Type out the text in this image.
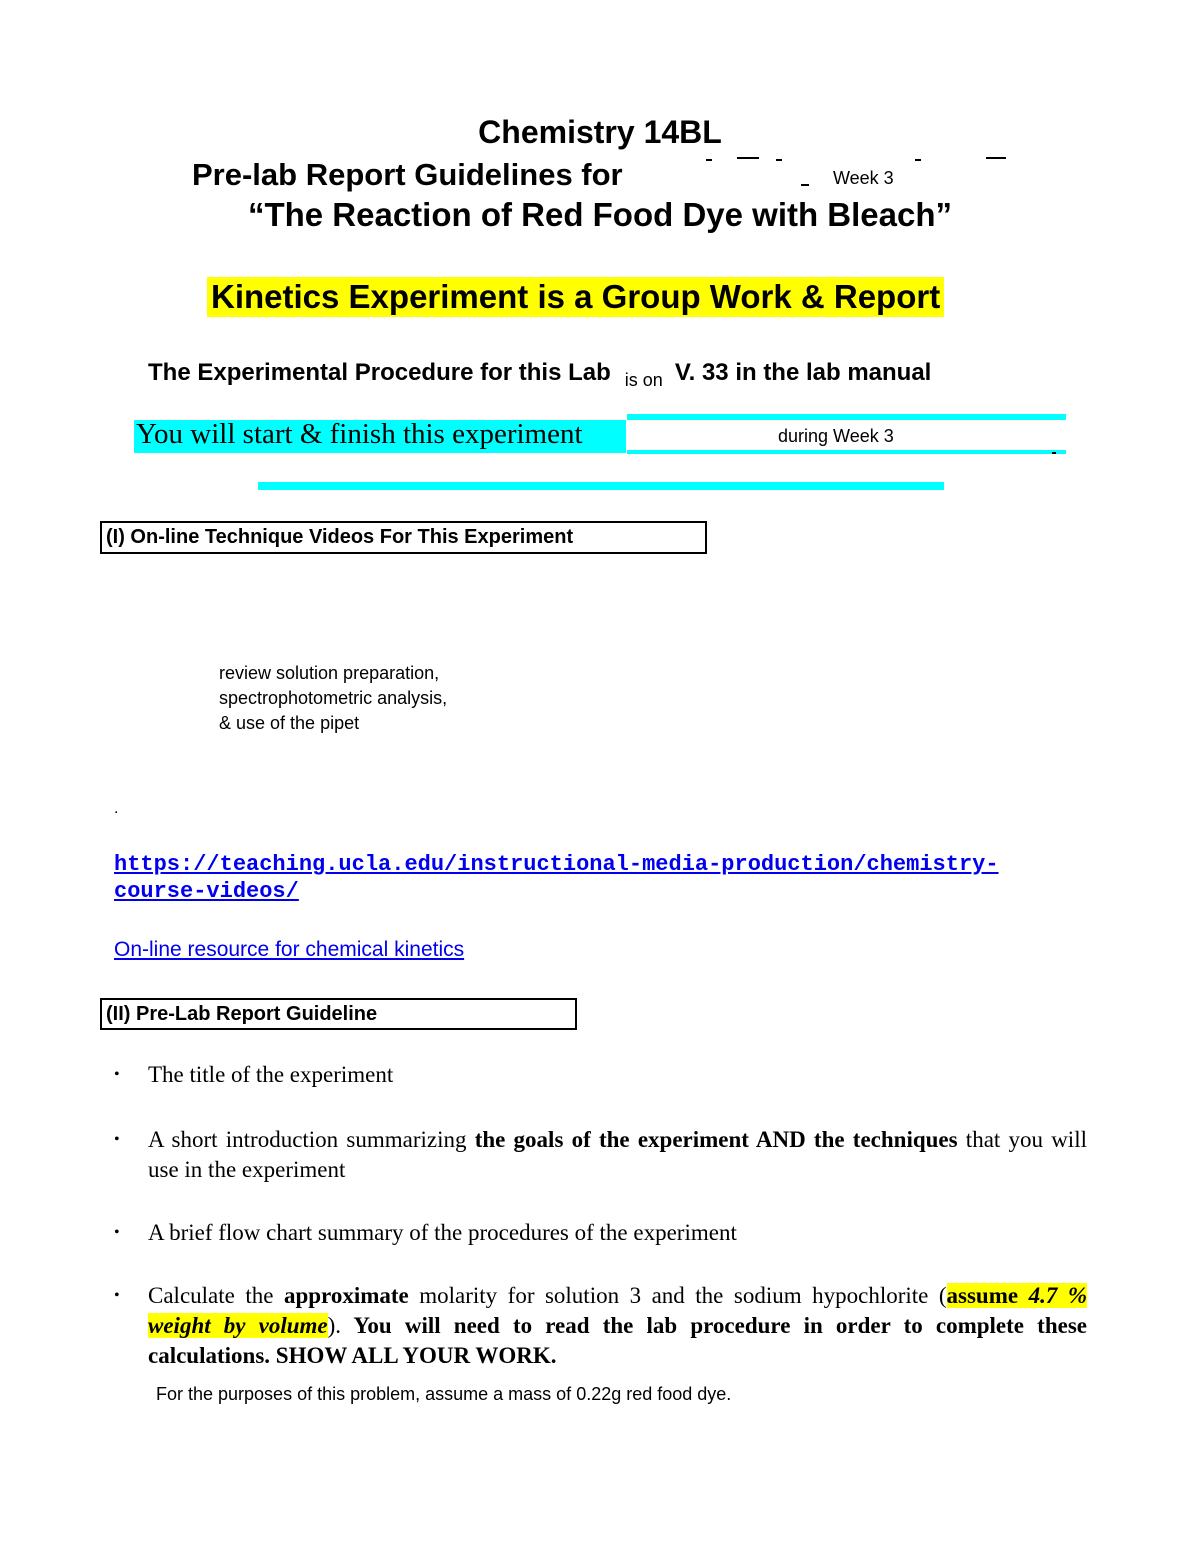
Chemistry 14BL
Pre-lab Report Guidelines for	Week 3
“The Reaction of Red Food Dye with Bleach”
Kinetics Experiment is a Group Work & Report
The Experimental Procedure for this Lab $_{is on}$ V. 33 in the lab manual
You will start & finish this experiment	during Week 3
(I) On-line Technique Videos For This Experiment
review solution preparation,
spectrophotometric analysis,
& use of the pipet
.
https://teaching.ucla.edu/instructional-media-production/chemistry-
course-videos/
On-line resource for chemical kinetics
(II) Pre-Lab Report Guideline
• The title of the experiment
• A short introduction summarizing the goals of the experiment AND the techniques that you will use in the experiment
• A brief flow chart summary of the procedures of the experiment
• Calculate the approximate molarity for solution 3 and the sodium hypochlorite (assume 4.7 % weight by volume). You will need to read the lab procedure in order to complete these calculations. SHOW ALL YOUR WORK.
For the purposes of this problem, assume a mass of 0.22g red food dye.
